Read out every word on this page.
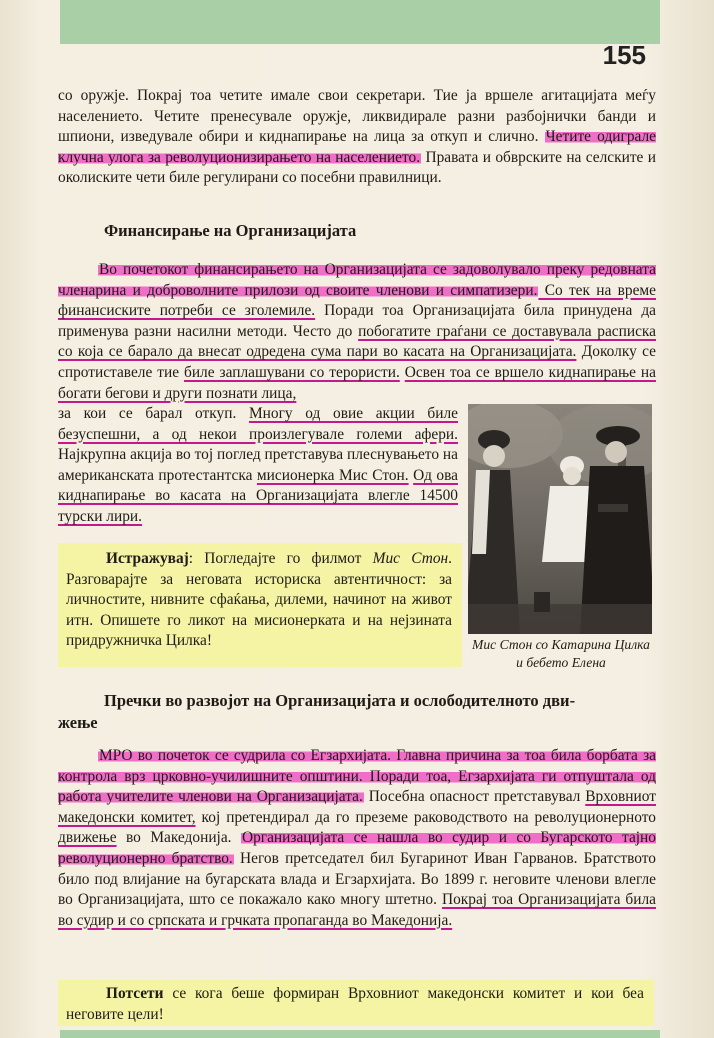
155

со оружје. Покрај тоа четите имале свои секретари. Тие ја вршеле агитацијата меѓу населението. Четите пренесувале оружје, ликвидирале разни разбојнички банди и шпиони, изведувале обири и киднапирање на лица за откуп и слично. Четите одиграле клучна улога за револуционизирањето на населението. Правата и обврските на селските и околиските чети биле регулирани со посебни правилници.

Финансирање на Организацијата

Во почетокот финансирањето на Организацијата се задоволувало преку редовната членарина и доброволните прилози од своите членови и симпатизери. Со тек на време финансиските потреби се зголемиле. Поради тоа Организацијата била принудена да применува разни насилни методи. Често до побогатите граѓани се доставувала расписка со која се барало да внесат одредена сума пари во касата на Организацијата. Доколку се спротиставеле тие биле заплашувани со терористи. Освен тоа се вршело киднапирање на богати бегови и други познати лица,

за кои се барал откуп. Многу од овие акции биле безуспешни, а од некои произлегувале големи афери. Најкрупна акција во тој поглед претставува плеснувањето на американската протестантска мисионерка Мис Стон. Од ова киднапирање во касата на Организацијата влегле 14500 турски лири.

Мис Стон со Катарина Цилка и бебето Елена

Истражувај: Погледајте го филмот Мис Стон. Разговарајте за неговата историска автентичност: за личностите, нивните сфаќања, дилеми, начинот на живот итн. Опишете го ликот на мисионерката и на нејзината придружничка Цилка!

Пречки во развојот на Организацијата и ослободителното дви-
жење

МРО во почеток се судрила со Егзархијата. Главна причина за тоа била борбата за контрола врз црковно-училишните општини. Поради тоа, Егзархијата ги отпуштала од работа учителите членови на Организацијата. Посебна опасност претставувал Врховниот македонски комитет, кој претендирал да го преземе раководството на револуционерното движење во Македонија. Организацијата се нашла во судир и со Бугарското тајно револуционерно братство. Негов претседател бил Бугаринот Иван Гарванов. Братството било под влијание на бугарската влада и Егзархијата. Во 1899 г. неговите членови влегле во Организацијата, што се покажало како многу штетно. Покрај тоа Организацијата била во судир и со српската и грчката пропаганда во Македонија.

Потсети се кога беше формиран Врховниот македонски комитет и кои беа неговите цели!
